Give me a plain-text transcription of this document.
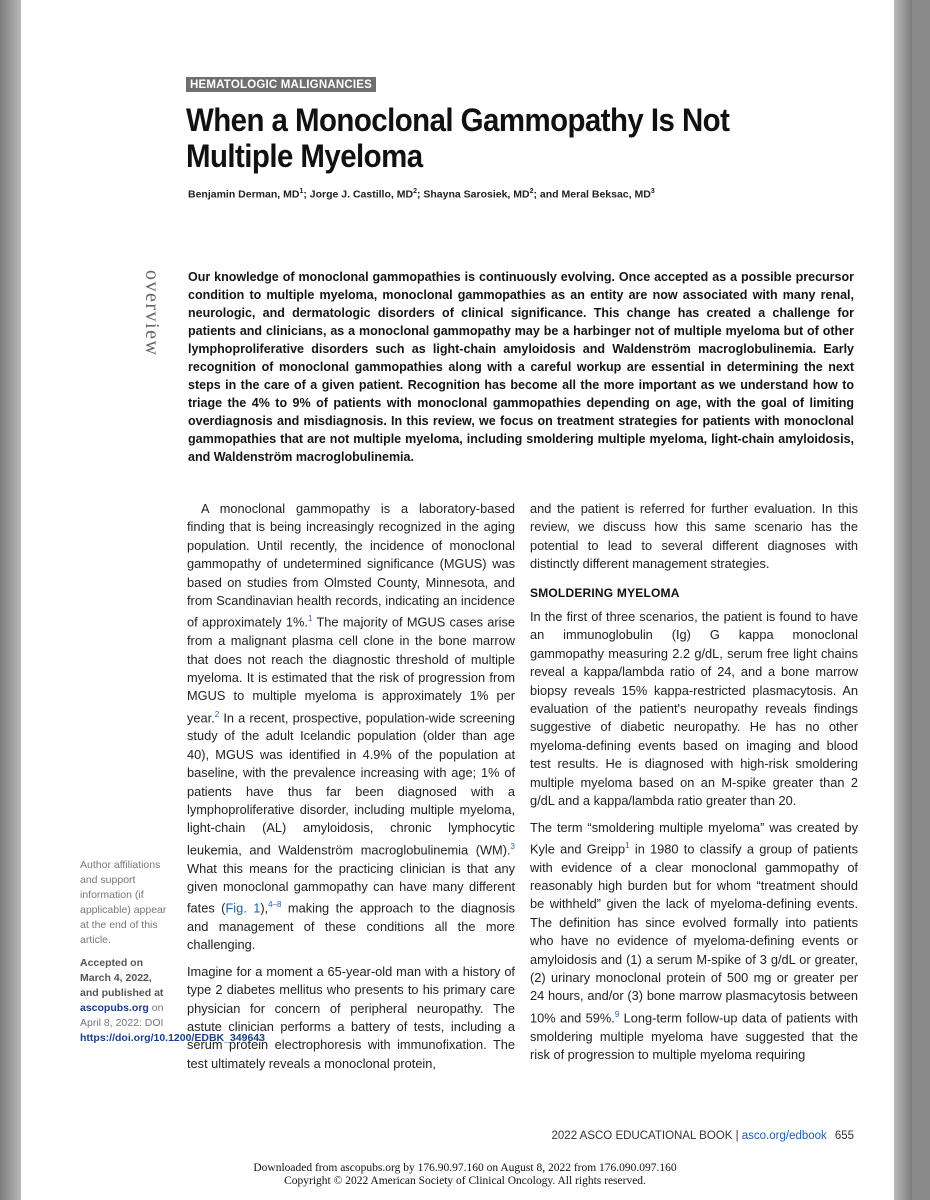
HEMATOLOGIC MALIGNANCIES
When a Monoclonal Gammopathy Is Not
Multiple Myeloma
Benjamin Derman, $MD^1$; Jorge J. Castillo, $MD^2$; Shayna Sarosiek, $MD^2$; and Meral Beksac, $MD^3$
overview Our knowledge of monoclonal gammopathies is continuously evolving. Once accepted as a possible precursor condition to multiple myeloma, monoclonal gammopathies as an entity are now associated with many renal, neurologic, and dermatologic disorders of clinical significance. This change has created a challenge for patients and clinicians, as a monoclonal gammopathy may be a harbinger not of multiple myeloma but of other lymphoproliferative disorders such as light-chain amyloidosis and Waldenström macroglobulinemia. Early recognition of monoclonal gammopathies along with a careful workup are essential in determining the next steps in the care of a given patient. Recognition has become all the more important as we understand how to triage the 4% to 9% of patients with monoclonal gammopathies depending on age, with the goal of limiting overdiagnosis and misdiagnosis. In this review, we focus on treatment strategies for patients with monoclonal gammopathies that are not multiple myeloma, including smoldering multiple myeloma, light-chain amyloidosis, and Waldenström macroglobulinemia.

A monoclonal gammopathy is a laboratory-based finding that is being increasingly recognized in the aging population. Until recently, the incidence of monoclonal gammopathy of undetermined significance (MGUS) was based on studies from Olmsted County, Minnesota, and from Scandinavian health records, indicating an incidence of approximately 1%.$^1$ The majority of MGUS cases arise from a malignant plasma cell clone in the bone marrow that does not reach the diagnostic threshold of multiple myeloma. It is estimated that the risk of progression from MGUS to multiple myeloma is approximately 1% per year.$^2$ In a recent, prospective, population-wide screening study of the adult Icelandic population (older than age 40), MGUS was identified in 4.9% of the population at baseline, with the prevalence increasing with age; 1% of patients have thus far been diagnosed with a lymphoproliferative disorder, including multiple myeloma, light-chain (AL) amyloidosis, chronic lymphocytic leukemia, and Waldenström macroglobulinemia (WM).$^3$ What this means for the practicing clinician is that any given monoclonal gammopathy can have many different fates (Fig. 1),$^{4-8}$ making the approach to the diagnosis and management of these conditions all the more challenging.

Imagine for a moment a 65-year-old man with a history of type 2 diabetes mellitus who presents to his primary care physician for concern of peripheral neuropathy. The astute clinician performs a battery of tests, including a serum protein electrophoresis with immunofixation. The test ultimately reveals a monoclonal protein,

and the patient is referred for further evaluation. In this review, we discuss how this same scenario has the potential to lead to several different diagnoses with distinctly different management strategies.

SMOLDERING MYELOMA

In the first of three scenarios, the patient is found to have an immunoglobulin (Ig) G kappa monoclonal gammopathy measuring 2.2 g/dL, serum free light chains reveal a kappa/lambda ratio of 24, and a bone marrow biopsy reveals 15% kappa-restricted plasmacytosis. An evaluation of the patient's neuropathy reveals findings suggestive of diabetic neuropathy. He has no other myeloma-defining events based on imaging and blood test results. He is diagnosed with high-risk smoldering multiple myeloma based on an M-spike greater than 2 g/dL and a kappa/lambda ratio greater than 20.

The term “smoldering multiple myeloma” was created by Kyle and Greipp$^1$ in 1980 to classify a group of patients with evidence of a clear monoclonal gammopathy of reasonably high burden but for whom “treatment should be withheld” given the lack of myeloma-defining events. The definition has since evolved formally into patients who have no evidence of myeloma-defining events or amyloidosis and (1) a serum M-spike of 3 g/dL or greater, (2) urinary monoclonal protein of 500 mg or greater per 24 hours, and/or (3) bone marrow plasmacytosis between 10% and 59%.$^9$ Long-term follow-up data of patients with smoldering multiple myeloma have suggested that the risk of progression to multiple myeloma requiring

Author affiliations and support information (if applicable) appear at the end of this article.

Accepted on March 4, 2022, and published at ascopubs.org on April 8, 2022: DOI https://doi.org/10.1200/EDBK_349643

2022 ASCO EDUCATIONAL BOOK | asco.org/edbook 655
Downloaded from ascopubs.org by 176.90.97.160 on August 8, 2022 from 176.090.097.160
Copyright © 2022 American Society of Clinical Oncology. All rights reserved.
